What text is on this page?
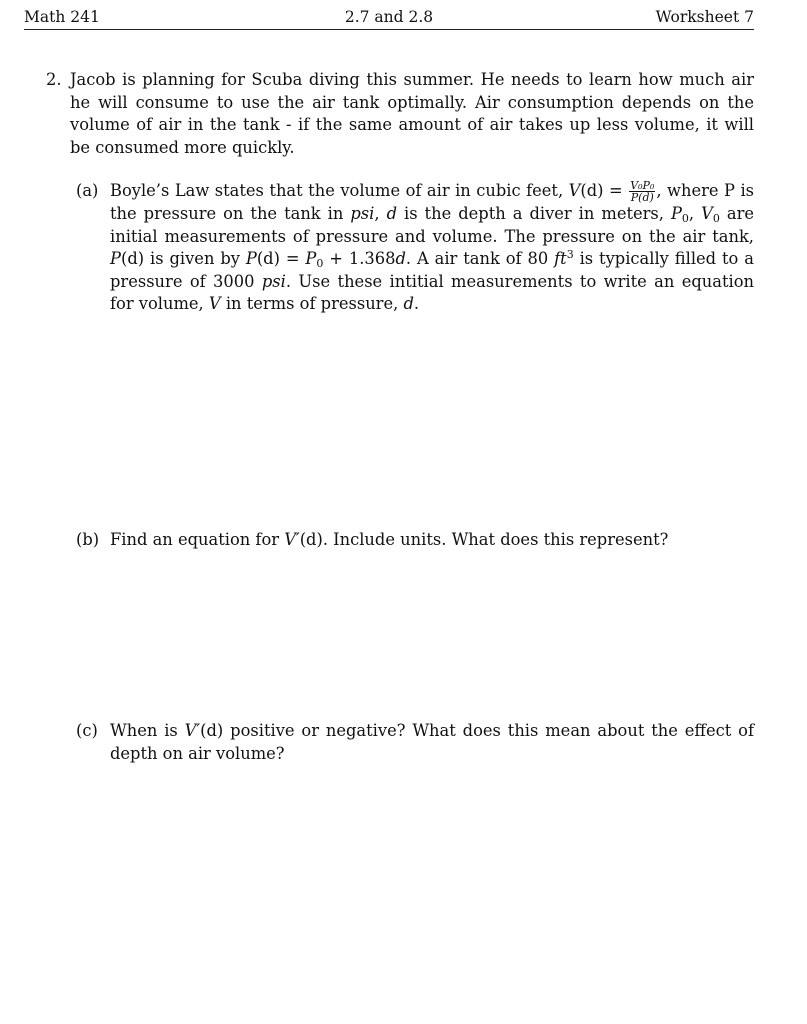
Math 241	2.7 and 2.8	Worksheet 7
2. Jacob is planning for Scuba diving this summer. He needs to learn how much air he will consume to use the air tank optimally. Air consumption depends on the volume of air in the tank - if the same amount of air takes up less volume, it will be consumed more quickly.
(a) Boyle’s Law states that the volume of air in cubic feet, $V(d) = \frac{\text{V₀P₀}}{P(d)}$ , where P is the pressure on the tank in psi, d is the depth a diver in meters, $P_0$, $V_0$ are initial measurements of pressure and volume. The pressure on the air tank, P(d) is given by $P(d) = P_0 + 1.368d$. A air tank of 80 $ft^3$ is typically filled to a pressure of 3000 psi. Use these intitial measurements to write an equation for volume, V in terms of pressure, d.
(b) Find an equation for V′(d). Include units. What does this represent?
(c) When is V′(d) positive or negative? What does this mean about the effect of depth on air volume?
